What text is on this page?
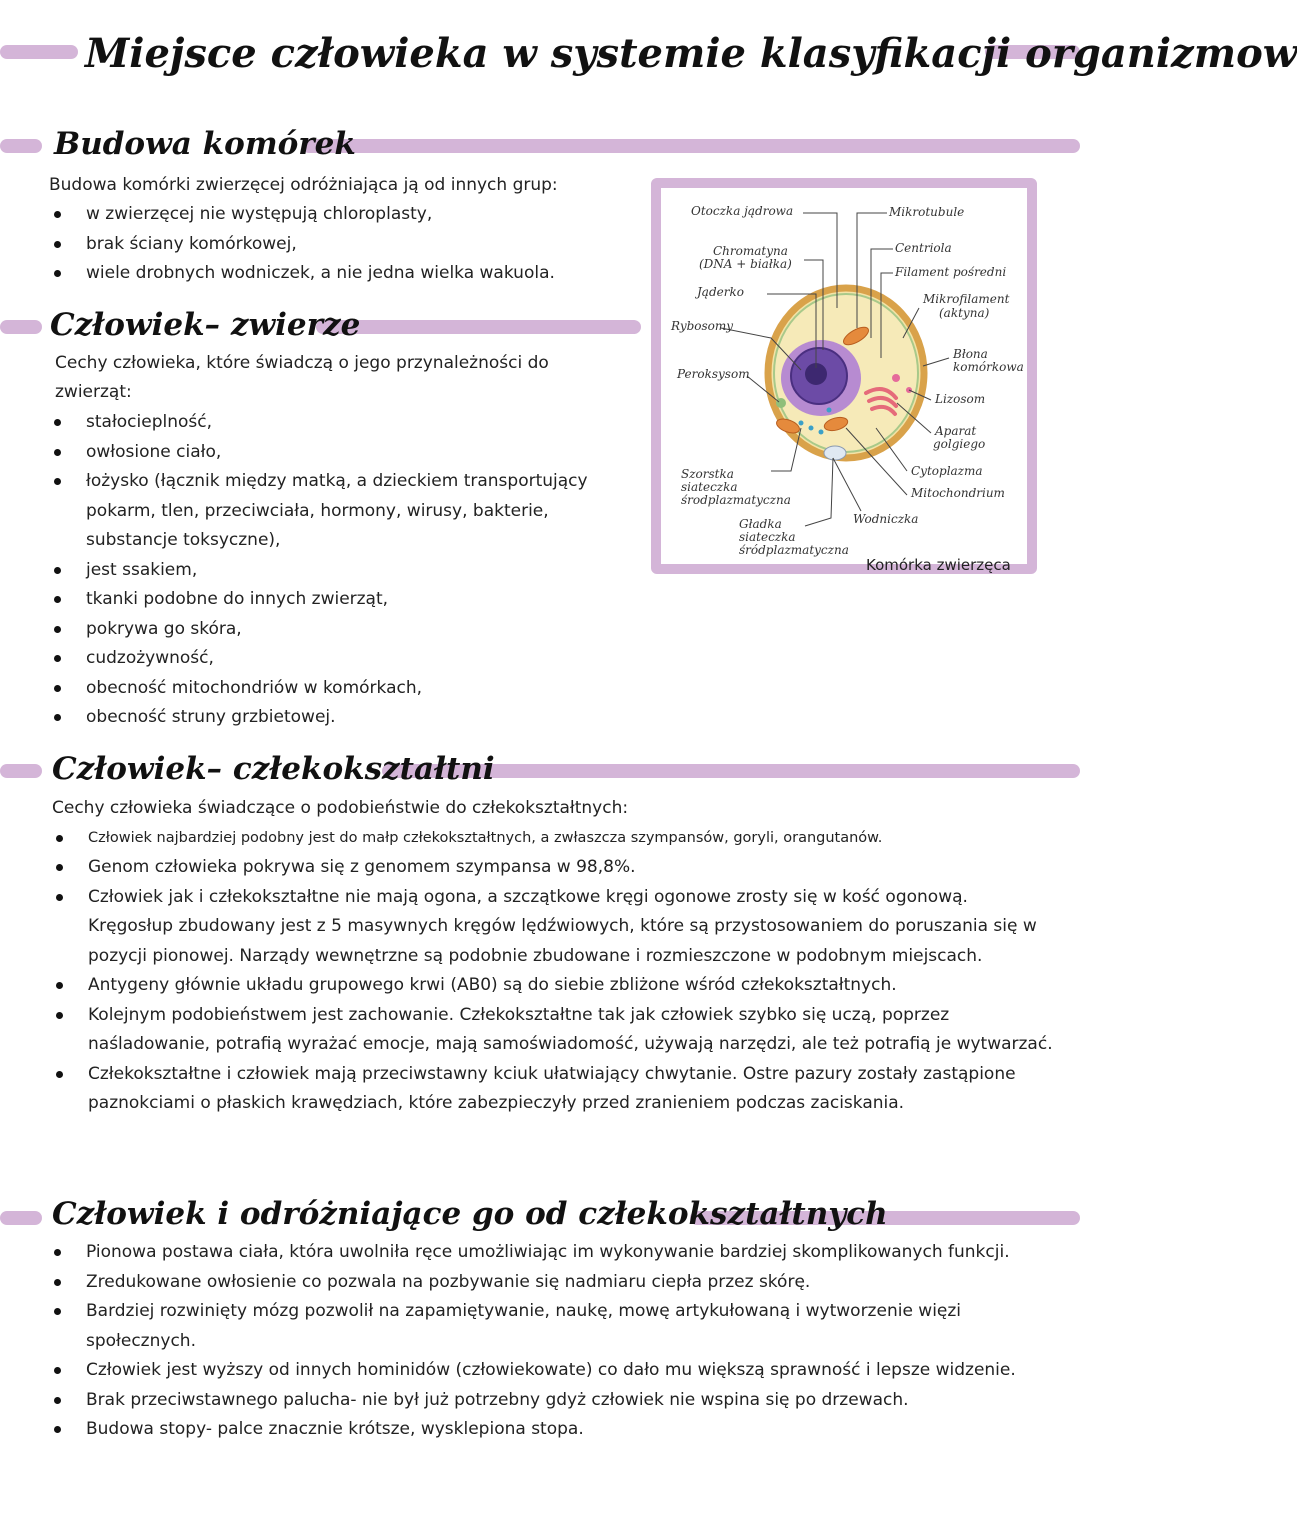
Miejsce człowieka w systemie klasyfikacji organizmow
Budowa komórek
Budowa komórki zwierzęcej odróżniająca ją od innych grup:
w zwierzęcej nie występują chloroplasty,
brak ściany komórkowej,
wiele drobnych wodniczek, a nie jedna wielka wakuola.
Otoczka jądrowa
Chromatyna
(DNA + białka)
Jąderko
Rybosomy
Peroksysom
Szorstka
siateczka
środplazmatyczna
Gładka
siateczka
śródplazmatyczna
Wodniczka
Mikrotubule
Centriola
Filament pośredni
Mikrofilament
(aktyna)
Błona
komórkowa
Lizosom
Aparat
golgiego
Cytoplazma
Mitochondrium
Komórka zwierzęca
Człowiek– zwierze
Cechy człowieka, które świadczą o jego przynależności do
zwierząt:
stałocieplność,
owłosione ciało,
łożysko (łącznik między matką, a dzieckiem transportujący pokarm, tlen, przeciwciała, hormony, wirusy, bakterie, substancje toksyczne),
jest ssakiem,
tkanki podobne do innych zwierząt,
pokrywa go skóra,
cudzożywność,
obecność mitochondriów w komórkach,
obecność struny grzbietowej.
Człowiek– człekokształtni
Cechy człowieka świadczące o podobieństwie do człekokształtnych:
Człowiek najbardziej podobny jest do małp człekokształtnych, a zwłaszcza szympansów, goryli, orangutanów.
Genom człowieka pokrywa się z genomem szympansa w 98,8%.
Człowiek jak i człekokształtne nie mają ogona, a szczątkowe kręgi ogonowe zrosty się w kość ogonową. Kręgosłup zbudowany jest z 5 masywnych kręgów lędźwiowych, które są przystosowaniem do poruszania się w pozycji pionowej. Narządy wewnętrzne są podobnie zbudowane i rozmieszczone w podobnym miejscach.
Antygeny głównie układu grupowego krwi (AB0) są do siebie zbliżone wśród człekokształtnych.
Kolejnym podobieństwem jest zachowanie. Człekokształtne tak jak człowiek szybko się uczą, poprzez naśladowanie, potrafią wyrażać emocje, mają samoświadomość, używają narzędzi, ale też potrafią je wytwarzać.
Człekokształtne i człowiek mają przeciwstawny kciuk ułatwiający chwytanie. Ostre pazury zostały zastąpione paznokciami o płaskich krawędziach, które zabezpieczyły przed zranieniem podczas zaciskania.
Człowiek i odróżniające go od człekokształtnych
Pionowa postawa ciała, która uwolniła ręce umożliwiając im wykonywanie bardziej skomplikowanych funkcji.
Zredukowane owłosienie co pozwala na pozbywanie się nadmiaru ciepła przez skórę.
Bardziej rozwinięty mózg pozwolił na zapamiętywanie, naukę, mowę artykułowaną i wytworzenie więzi społecznych.
Człowiek jest wyższy od innych hominidów (człowiekowate) co dało mu większą sprawność i lepsze widzenie.
Brak przeciwstawnego palucha- nie był już potrzebny gdyż człowiek nie wspina się po drzewach.
Budowa stopy- palce znacznie krótsze, wysklepiona stopa.
